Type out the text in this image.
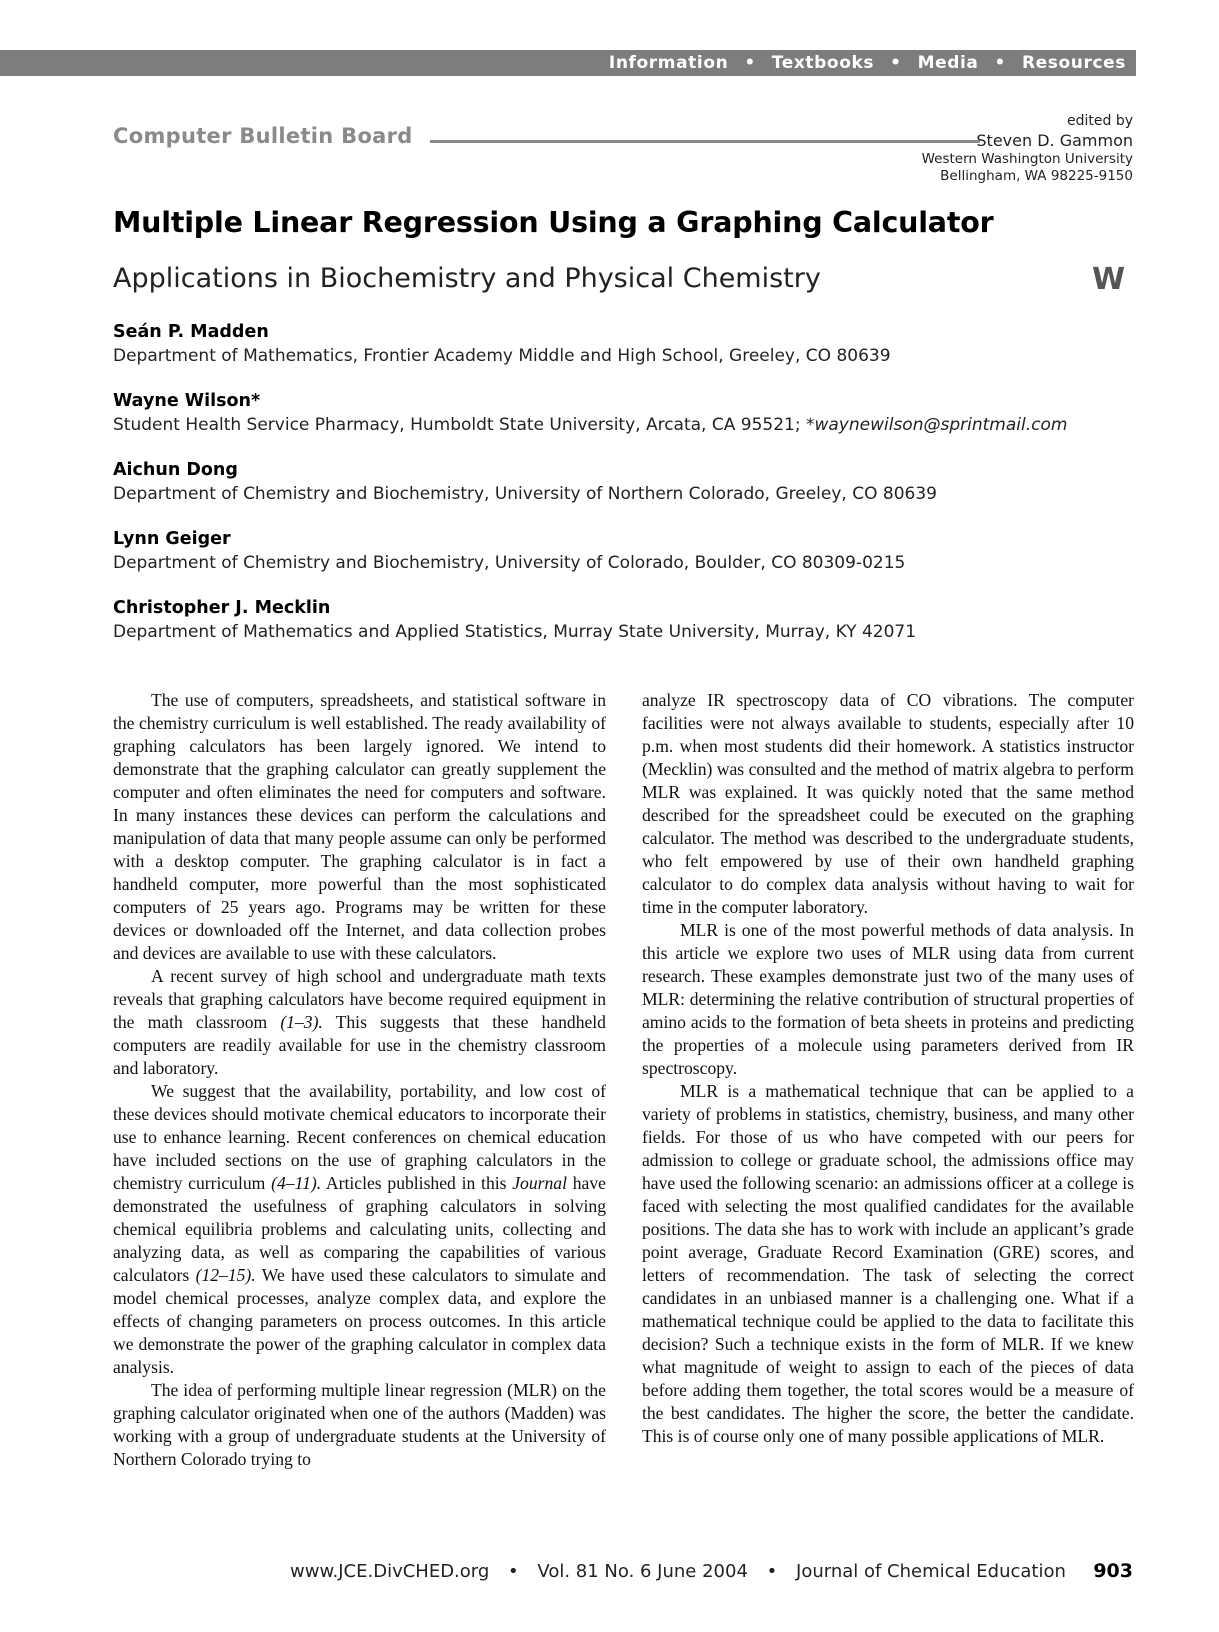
Information • Textbooks • Media • Resources
Computer Bulletin Board
edited by
Steven D. Gammon
Western Washington University
Bellingham, WA 98225-9150
Multiple Linear Regression Using a Graphing Calculator
Applications in Biochemistry and Physical Chemistry	W
Seán P. Madden
Department of Mathematics, Frontier Academy Middle and High School, Greeley, CO 80639
Wayne Wilson*
Student Health Service Pharmacy, Humboldt State University, Arcata, CA 95521; *waynewilson@sprintmail.com
Aichun Dong
Department of Chemistry and Biochemistry, University of Northern Colorado, Greeley, CO 80639
Lynn Geiger
Department of Chemistry and Biochemistry, University of Colorado, Boulder, CO 80309-0215
Christopher J. Mecklin
Department of Mathematics and Applied Statistics, Murray State University, Murray, KY 42071

The use of computers, spreadsheets, and statistical software in the chemistry curriculum is well established. The ready availability of graphing calculators has been largely ignored. We intend to demonstrate that the graphing calculator can greatly supplement the computer and often eliminates the need for computers and software. In many instances these devices can perform the calculations and manipulation of data that many people assume can only be performed with a desktop computer. The graphing calculator is in fact a handheld computer, more powerful than the most sophisticated computers of 25 years ago. Programs may be written for these devices or downloaded off the Internet, and data collection probes and devices are available to use with these calculators.

A recent survey of high school and undergraduate math texts reveals that graphing calculators have become required equipment in the math classroom (1–3). This suggests that these handheld computers are readily available for use in the chemistry classroom and laboratory.

We suggest that the availability, portability, and low cost of these devices should motivate chemical educators to incorporate their use to enhance learning. Recent conferences on chemical education have included sections on the use of graphing calculators in the chemistry curriculum (4–11). Articles published in this Journal have demonstrated the usefulness of graphing calculators in solving chemical equilibria problems and calculating units, collecting and analyzing data, as well as comparing the capabilities of various calculators (12–15). We have used these calculators to simulate and model chemical processes, analyze complex data, and explore the effects of changing parameters on process outcomes. In this article we demonstrate the power of the graphing calculator in complex data analysis.

The idea of performing multiple linear regression (MLR) on the graphing calculator originated when one of the authors (Madden) was working with a group of undergraduate students at the University of Northern Colorado trying to

analyze IR spectroscopy data of CO vibrations. The computer facilities were not always available to students, especially after 10 p.m. when most students did their homework. A statistics instructor (Mecklin) was consulted and the method of matrix algebra to perform MLR was explained. It was quickly noted that the same method described for the spreadsheet could be executed on the graphing calculator. The method was described to the undergraduate students, who felt empowered by use of their own handheld graphing calculator to do complex data analysis without having to wait for time in the computer laboratory.

MLR is one of the most powerful methods of data analysis. In this article we explore two uses of MLR using data from current research. These examples demonstrate just two of the many uses of MLR: determining the relative contribution of structural properties of amino acids to the formation of beta sheets in proteins and predicting the properties of a molecule using parameters derived from IR spectroscopy.

MLR is a mathematical technique that can be applied to a variety of problems in statistics, chemistry, business, and many other fields. For those of us who have competed with our peers for admission to college or graduate school, the admissions office may have used the following scenario: an admissions officer at a college is faced with selecting the most qualified candidates for the available positions. The data she has to work with include an applicant’s grade point average, Graduate Record Examination (GRE) scores, and letters of recommendation. The task of selecting the correct candidates in an unbiased manner is a challenging one. What if a mathematical technique could be applied to the data to facilitate this decision? Such a technique exists in the form of MLR. If we knew what magnitude of weight to assign to each of the pieces of data before adding them together, the total scores would be a measure of the best candidates. The higher the score, the better the candidate. This is of course only one of many possible applications of MLR.

www.JCE.DivCHED.org • Vol. 81 No. 6 June 2004 • Journal of Chemical Education 903
